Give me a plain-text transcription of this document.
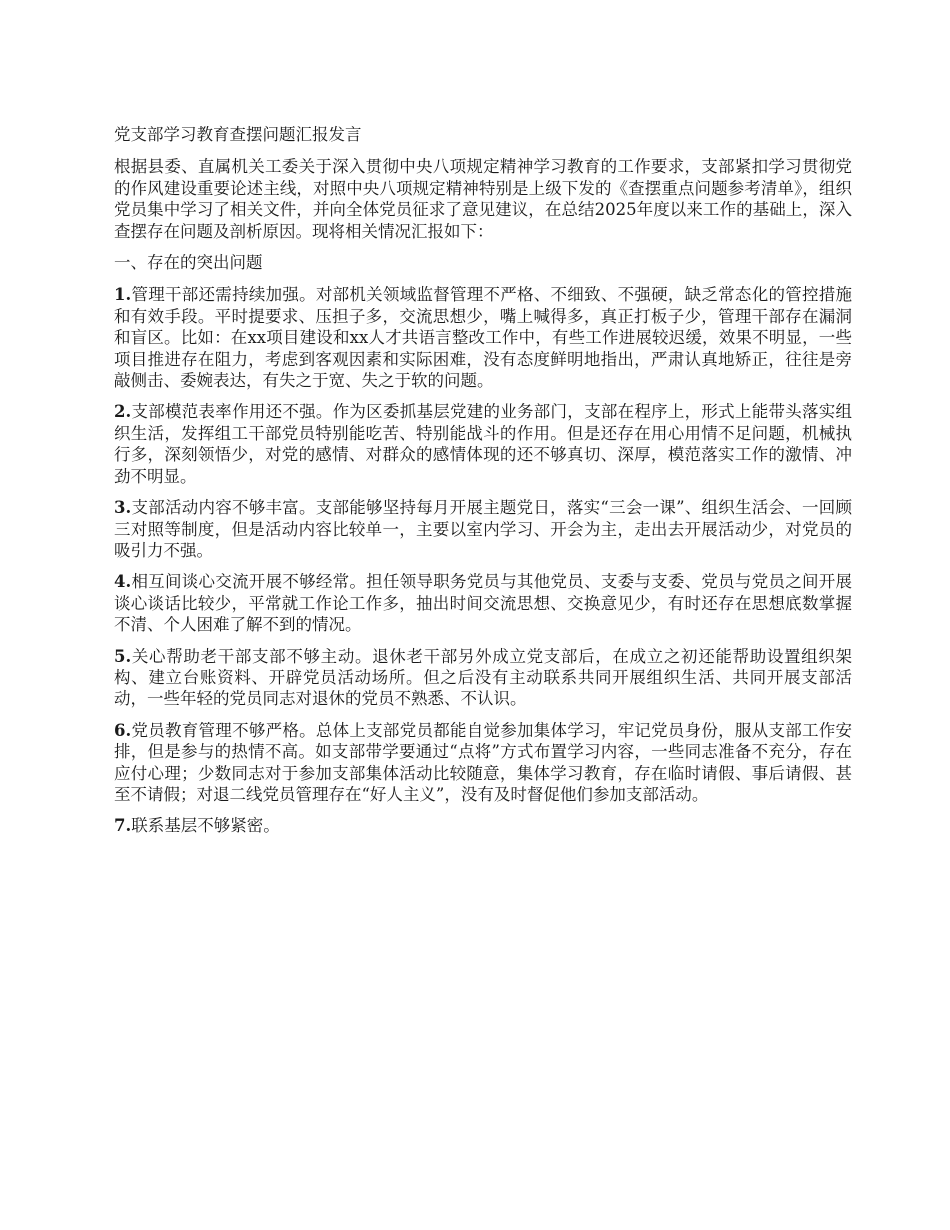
党支部学习教育查摆问题汇报发言

根据县委、直属机关工委关于深入贯彻中央八项规定精神学习教育的工作要求，支部紧扣学习贯彻党的作风建设重要论述主线，对照中央八项规定精神特别是上级下发的《查摆重点问题参考清单》，组织党员集中学习了相关文件，并向全体党员征求了意见建议，在总结2025年度以来工作的基础上，深入查摆存在问题及剖析原因。现将相关情况汇报如下：

一、存在的突出问题

1.管理干部还需持续加强。对部机关领域监督管理不严格、不细致、不强硬，缺乏常态化的管控措施和有效手段。平时提要求、压担子多，交流思想少，嘴上喊得多，真正打板子少，管理干部存在漏洞和盲区。比如：在xx项目建设和xx人才共语言整改工作中，有些工作进展较迟缓，效果不明显，一些项目推进存在阻力，考虑到客观因素和实际困难，没有态度鲜明地指出，严肃认真地矫正，往往是旁敲侧击、委婉表达，有失之于宽、失之于软的问题。

2.支部模范表率作用还不强。作为区委抓基层党建的业务部门，支部在程序上，形式上能带头落实组织生活，发挥组工干部党员特别能吃苦、特别能战斗的作用。但是还存在用心用情不足问题，机械执行多，深刻领悟少，对党的感情、对群众的感情体现的还不够真切、深厚，模范落实工作的激情、冲劲不明显。

3.支部活动内容不够丰富。支部能够坚持每月开展主题党日，落实“三会一课”、组织生活会、一回顾三对照等制度，但是活动内容比较单一，主要以室内学习、开会为主，走出去开展活动少，对党员的吸引力不强。

4.相互间谈心交流开展不够经常。担任领导职务党员与其他党员、支委与支委、党员与党员之间开展谈心谈话比较少，平常就工作论工作多，抽出时间交流思想、交换意见少，有时还存在思想底数掌握不清、个人困难了解不到的情况。

5.关心帮助老干部支部不够主动。退休老干部另外成立党支部后，在成立之初还能帮助设置组织架构、建立台账资料、开辟党员活动场所。但之后没有主动联系共同开展组织生活、共同开展支部活动，一些年轻的党员同志对退休的党员不熟悉、不认识。

6.党员教育管理不够严格。总体上支部党员都能自觉参加集体学习，牢记党员身份，服从支部工作安排，但是参与的热情不高。如支部带学要通过“点将”方式布置学习内容，一些同志准备不充分，存在应付心理；少数同志对于参加支部集体活动比较随意，集体学习教育，存在临时请假、事后请假、甚至不请假；对退二线党员管理存在“好人主义”，没有及时督促他们参加支部活动。

7.联系基层不够紧密。
